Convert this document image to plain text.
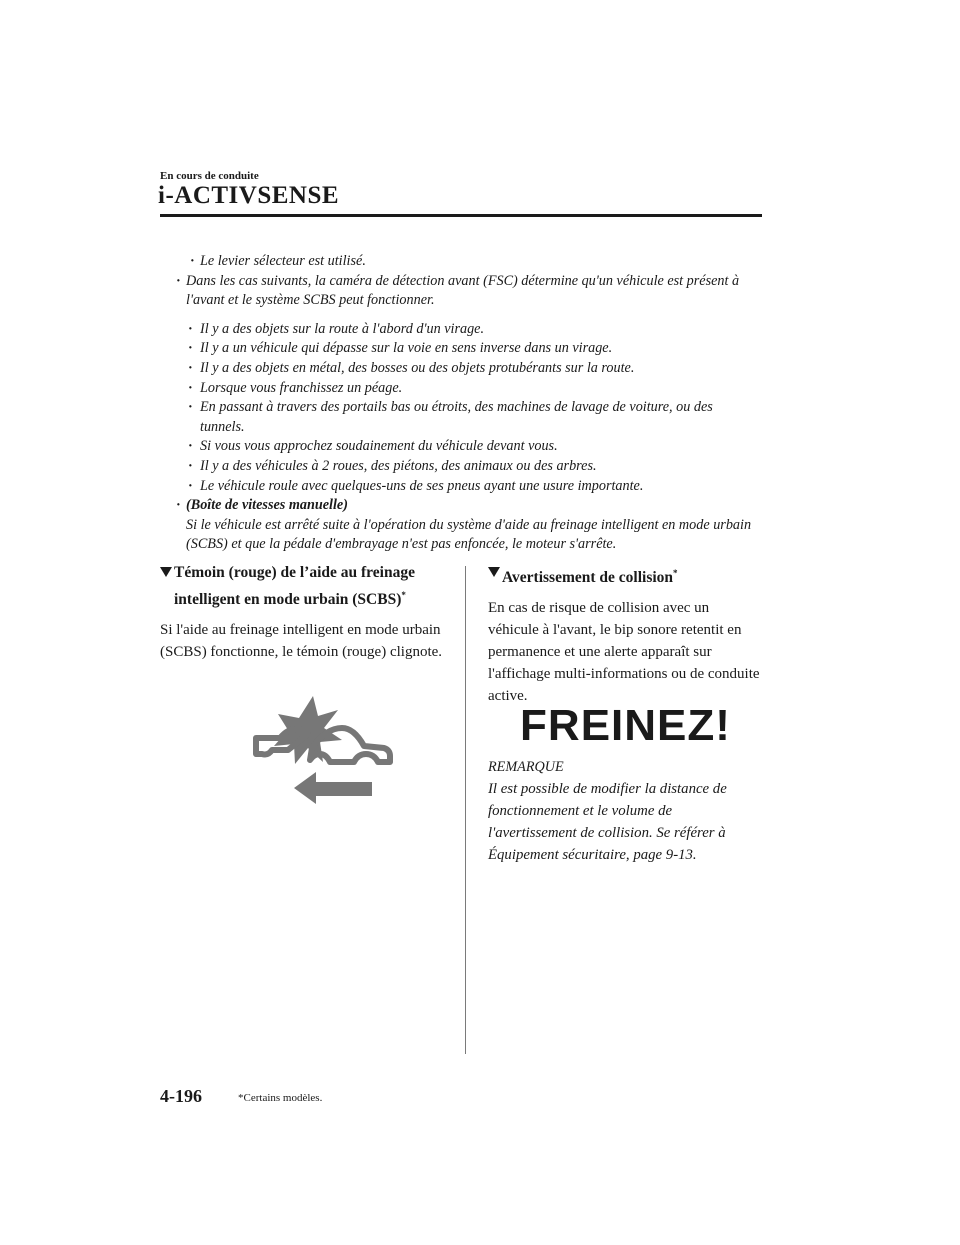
En cours de conduite
i-ACTIVSENSE
· Le levier sélecteur est utilisé.
· Dans les cas suivants, la caméra de détection avant (FSC) détermine qu'un véhicule est présent à l'avant et le système SCBS peut fonctionner.
· Il y a des objets sur la route à l'abord d'un virage.
· Il y a un véhicule qui dépasse sur la voie en sens inverse dans un virage.
· Il y a des objets en métal, des bosses ou des objets protubérants sur la route.
· Lorsque vous franchissez un péage.
· En passant à travers des portails bas ou étroits, des machines de lavage de voiture, ou des tunnels.
· Si vous vous approchez soudainement du véhicule devant vous.
· Il y a des véhicules à 2 roues, des piétons, des animaux ou des arbres.
· Le véhicule roule avec quelques-uns de ses pneus ayant une usure importante.
· (Boîte de vitesses manuelle)
Si le véhicule est arrêté suite à l'opération du système d'aide au freinage intelligent en mode urbain (SCBS) et que la pédale d'embrayage n'est pas enfoncée, le moteur s'arrête.
Témoin (rouge) de l’aide au freinage intelligent en mode urbain (SCBS)*
Si l'aide au freinage intelligent en mode urbain (SCBS) fonctionne, le témoin (rouge) clignote.
Avertissement de collision*
En cas de risque de collision avec un véhicule à l'avant, le bip sonore retentit en permanence et une alerte apparaît sur l'affichage multi-informations ou de conduite active.
FREINEZ!
REMARQUE
Il est possible de modifier la distance de fonctionnement et le volume de l'avertissement de collision. Se référer à Équipement sécuritaire, page 9-13.
4-196	*Certains modèles.
